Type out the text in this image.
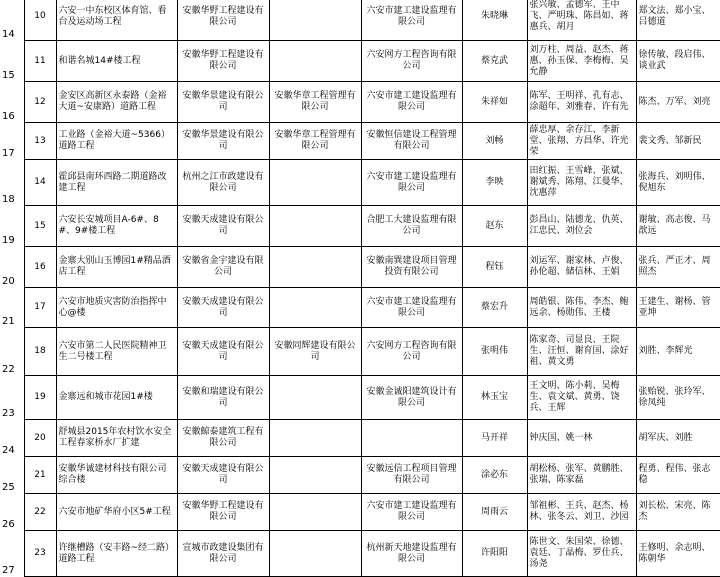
14	10	六安一中东校区体育馆、看台及运动场工程	安徽华野工程建设有限公司		六安市建工建设监理有限公司	朱晓琳	张兴敏、孟德军、王中飞、严明珠、陈昌如、蒋惠兵、胡月	郑文法、郑小宝、吕德道
15	11	和谐名城14#楼工程	安徽华野工程建设有限公司		六安网方工程咨询有限公司	蔡克武	刘万柱、周益、赵杰、蒋惠、孙玉保、李梅梅、吴允静	徐传敏、段启伟、谈业武
16	12	金安区高新区永泰路（金裕大道~安康路）道路工程	安徽华景建设有限公司	安徽华章工程管理有限公司	六安市建工建设监理有限公司	朱祥如	陈军、王明祥、孔有志、涂超年、刘雅春、许有先	陈杰、万军、刘亮
17	13	工业路（金裕大道~5366）道路工程	安徽华景建设有限公司	安徽华章工程管理有限公司	安徽恒信建设工程管理有限公司	刘畅	薛忠厚、余存江、李新堂、张翔、方昌华、许光荣	裴文秀、邹新民
18	14	霍邱县南环西路二期道路改建工程	杭州之江市政建设有限公司		六安市建工建设监理有限公司	李映	田红振、王雪峰、张斌、谢斌秀、陈翔、江曼华、沈惠萍	张海兵、刘明伟、倪旭东
19	15	六安长安城项目A-6#、8#、9#楼工程	安徽天成建设有限公司		合肥工大建设监理有限公司	赵东	彭昌山、陆德龙、仇英、江忠民、刘位会	谢敏、高志俊、马歆远
20	16	金寨大别山玉博园1#精品酒店工程	安徽省金宇建设有限公司		安徽南巽建设项目管理投资有限公司	程钰	刘运军、谢家林、卢俊、孙伦超、储信林、王娟	张兵、严正才、周照杰
21	17	六安市地质灾害防治指挥中心@楼	安徽天成建设有限公司		六安市建工建设监理有限公司	蔡宏升	周皓银、陈伟、李杰、鲍远余、杨勋伟、王楼	王建生、谢杨、管亚坤
22	18	六安市第二人民医院精神卫生二号楼工程	安徽天成建设有限公司	安徽同辉建设有限公司	六安网方工程咨询有限公司	张明伟	陈家奇、司显良、王院生、汪恒、谢育国、涂好祖、黄文勇	刘胜、李辉光
23	19	金寨远和城市花园1#楼	安徽和瑞建设有限公司		安徽金诚阳建筑设计有限公司	林玉宝	王文明、陈小莉、吴梅生、袁文斌、黄勇、饶兵、王辉	张贻锐、张玲军、徐凤纯
24	20	舒城县2015年农村饮水安全工程春家桥水厂扩建	安徽鲸泰建筑工程有限公司			马开祥	钟庆国、姚一林	胡军庆、刘胜
25	21	安徽华诚建材科技有限公司综合楼	安徽天成建设有限公司		安徽远信工程项目管理有限公司	涂必东	胡松杨、张军、黄鹏胜、张瑞、陈家磊	程勇、程伟、张志稳
26	22	六安市地矿华府小区5#工程	安徽华野工程建设有限公司		六安市建工建设监理有限公司	周雨云	邹祖彬、王兵、赵杰、杨林、张冬云、刘卫、沙园	刘长松、宋亮、陈杰
27	23	许继槽路（安丰路~经二路）道路工程	宣城市政建设集团有限公司		杭州新天地建设监理有限公司	许阳阳	陈世文、朱国荣、徐德、袁廷、丁晶梅、罗仕兵、汤尧	王修明、余志明、陈朝华
